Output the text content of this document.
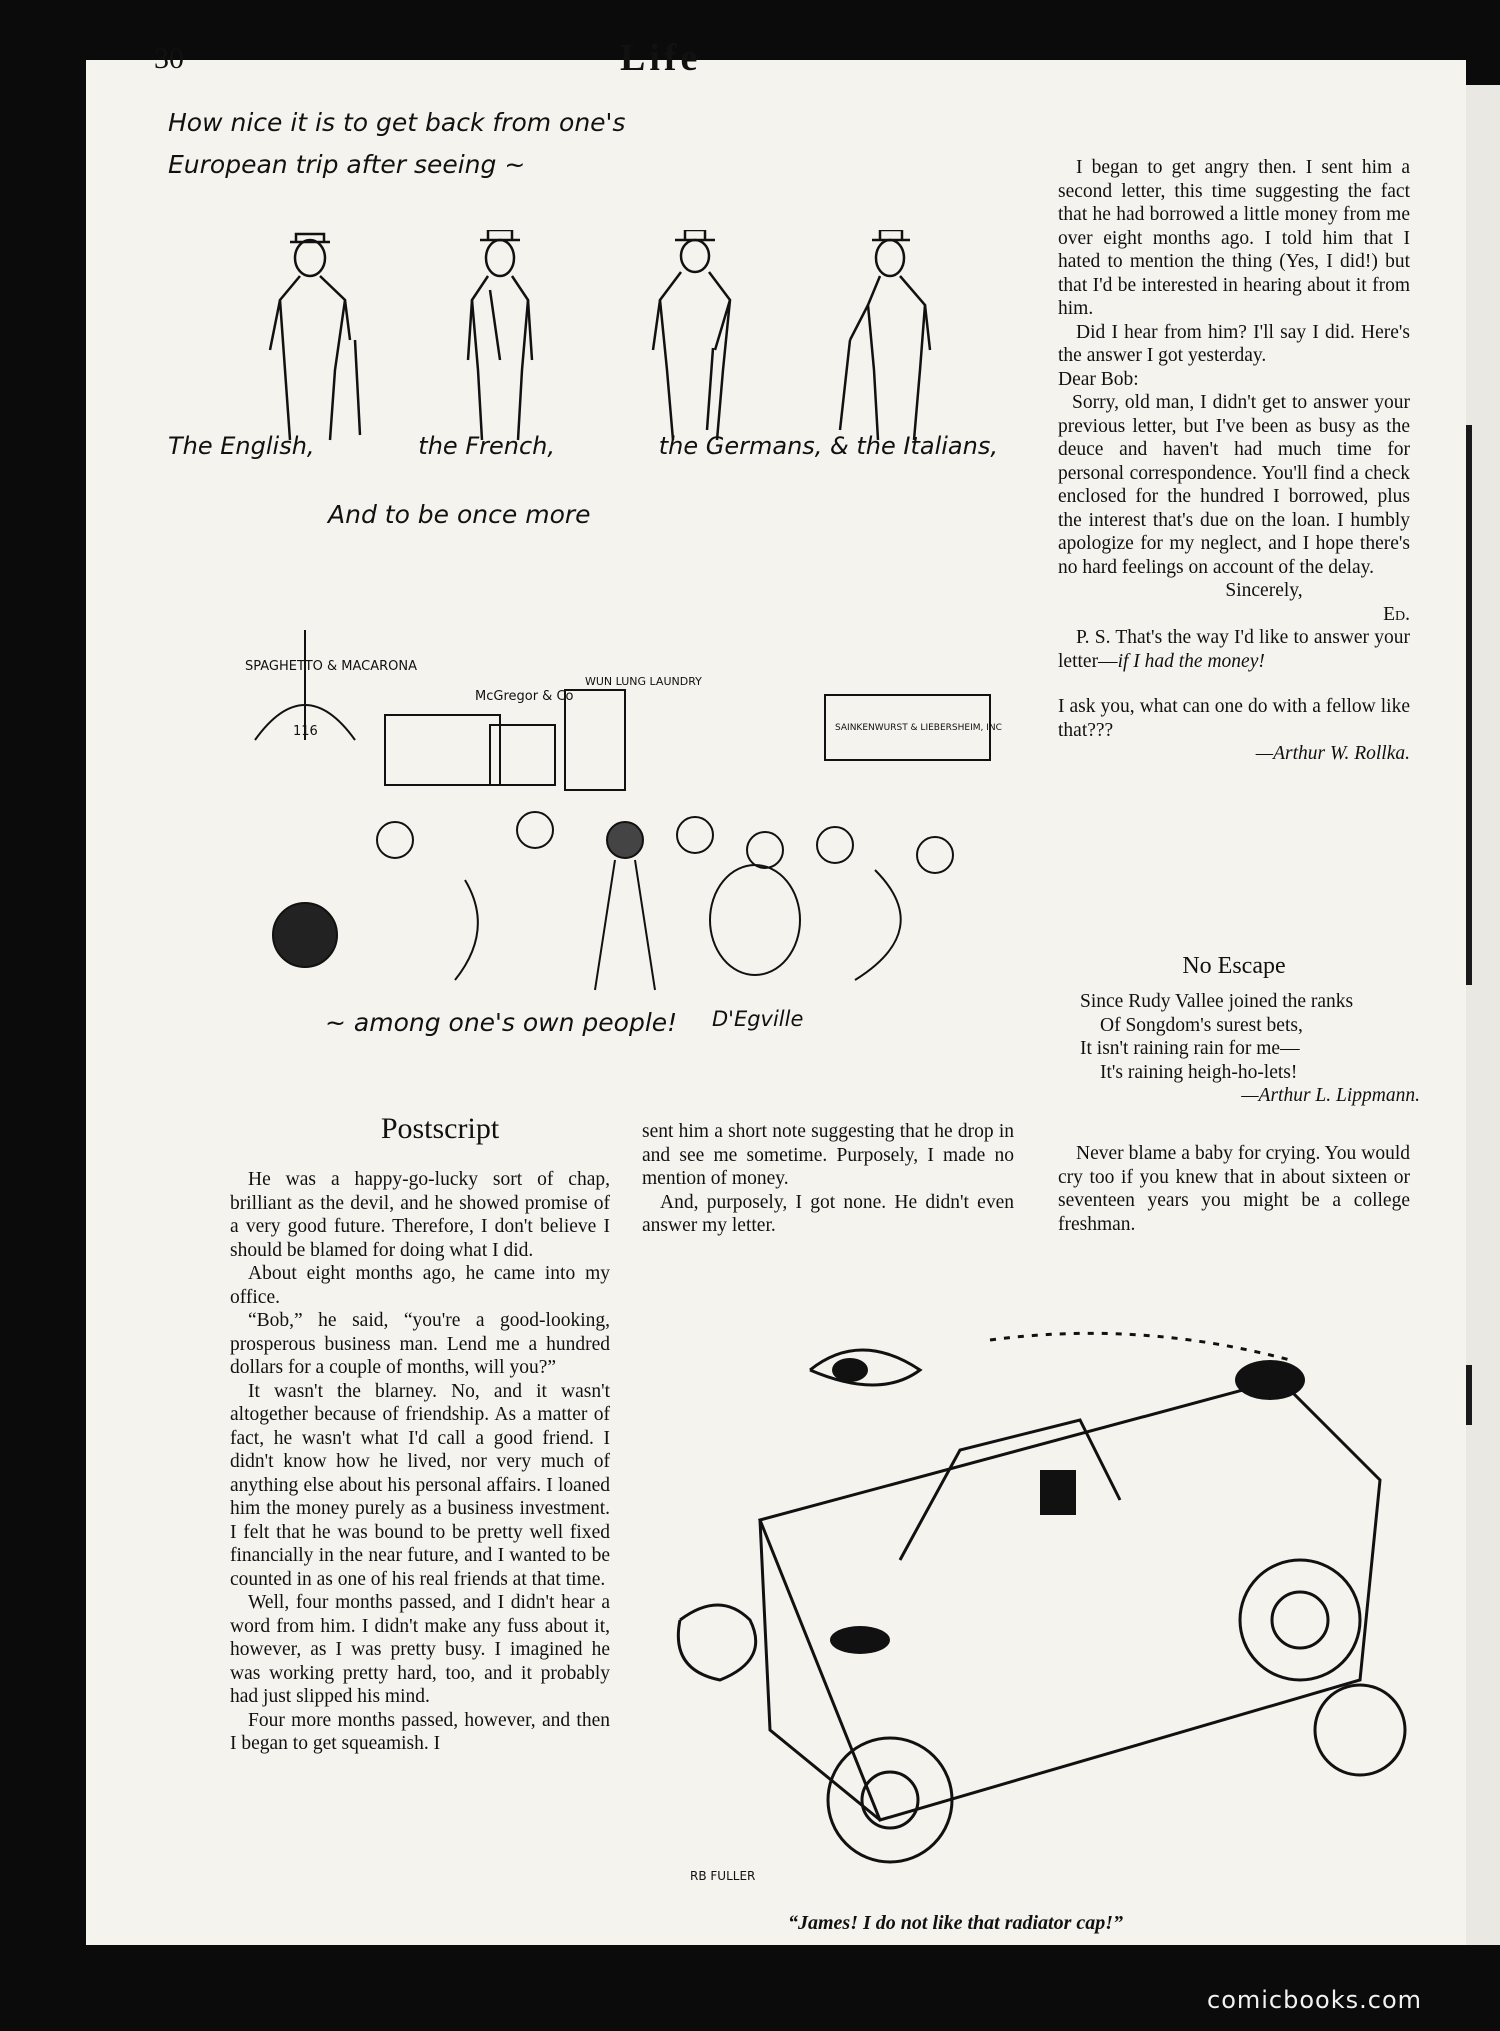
30	Life
How nice it is to get back from one's European trip after seeing ~
The English,	the French,	the Germans, & the Italians,
And to be once more
SPAGHETTO & MACARONA
116
McGregor & Co
WUN LUNG LAUNDRY
SAINKENWURST & LIEBERSHEIM, INC
~ among one's own people! D'Egville
Postscript

He was a happy-go-lucky sort of chap, brilliant as the devil, and he showed promise of a very good future. Therefore, I don't believe I should be blamed for doing what I did.

About eight months ago, he came into my office.

“Bob,” he said, “you're a good-looking, prosperous business man. Lend me a hundred dollars for a couple of months, will you?”

It wasn't the blarney. No, and it wasn't altogether because of friendship. As a matter of fact, he wasn't what I'd call a good friend. I didn't know how he lived, nor very much of anything else about his personal affairs. I loaned him the money purely as a business investment. I felt that he was bound to be pretty well fixed financially in the near future, and I wanted to be counted in as one of his real friends at that time.

Well, four months passed, and I didn't hear a word from him. I didn't make any fuss about it, however, as I was pretty busy. I imagined he was working pretty hard, too, and it probably had just slipped his mind.

Four more months passed, however, and then I began to get squeamish. I

sent him a short note suggesting that he drop in and see me sometime. Purposely, I made no mention of money.

And, purposely, I got none. He didn't even answer my letter.

I began to get angry then. I sent him a second letter, this time suggesting the fact that he had borrowed a little money from me over eight months ago. I told him that I hated to mention the thing (Yes, I did!) but that I'd be interested in hearing about it from him.

Did I hear from him? I'll say I did. Here's the answer I got yesterday.

Dear Bob:

Sorry, old man, I didn't get to answer your previous letter, but I've been as busy as the deuce and haven't had much time for personal correspondence. You'll find a check enclosed for the hundred I borrowed, plus the interest that's due on the loan. I humbly apologize for my neglect, and I hope there's no hard feelings on account of the delay.

Sincerely,

Ed.

P. S. That's the way I'd like to answer your letter—if I had the money!

I ask you, what can one do with a fellow like that???

—Arthur W. Rollka.

No Escape

Since Rudy Vallee joined the ranks

Of Songdom's surest bets,

It isn't raining rain for me—

It's raining heigh-ho-lets!

—Arthur L. Lippmann.

Never blame a baby for crying. You would cry too if you knew that in about sixteen or seventeen years you might be a college freshman.

RB FULLER
“James! I do not like that radiator cap!”
comicbooks.com
